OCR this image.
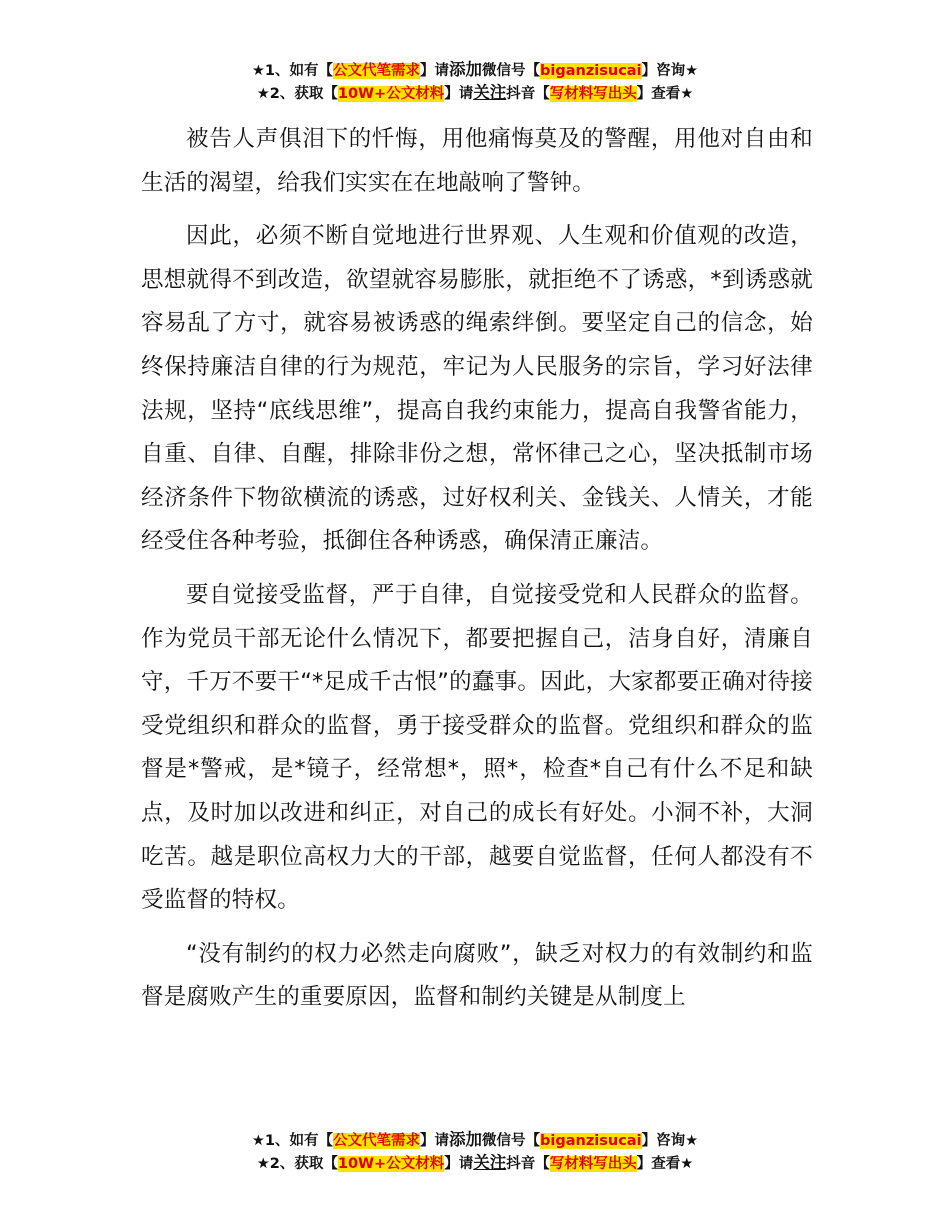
★1、如有【公文代笔需求】请添加微信号【biganzisucai】咨询★
★2、获取【10W+公文材料】请关注抖音【写材料写出头】查看★

被告人声俱泪下的忏悔，用他痛悔莫及的警醒，用他对自由和生活的渴望，给我们实实在在地敲响了警钟。

因此，必须不断自觉地进行世界观、人生观和价值观的改造，思想就得不到改造，欲望就容易膨胀，就拒绝不了诱惑，*到诱惑就容易乱了方寸，就容易被诱惑的绳索绊倒。要坚定自己的信念，始终保持廉洁自律的行为规范，牢记为人民服务的宗旨，学习好法律法规，坚持“底线思维”，提高自我约束能力，提高自我警省能力，自重、自律、自醒，排除非份之想，常怀律己之心，坚决抵制市场经济条件下物欲横流的诱惑，过好权利关、金钱关、人情关，才能经受住各种考验，抵御住各种诱惑，确保清正廉洁。

要自觉接受监督，严于自律，自觉接受党和人民群众的监督。作为党员干部无论什么情况下，都要把握自己，洁身自好，清廉自守，千万不要干“*足成千古恨”的蠢事。因此，大家都要正确对待接受党组织和群众的监督，勇于接受群众的监督。党组织和群众的监督是*警戒，是*镜子，经常想*，照*，检查*自己有什么不足和缺点，及时加以改进和纠正，对自己的成长有好处。小洞不补，大洞吃苦。越是职位高权力大的干部，越要自觉监督，任何人都没有不受监督的特权。

“没有制约的权力必然走向腐败”，缺乏对权力的有效制约和监督是腐败产生的重要原因，监督和制约关键是从制度上

★1、如有【公文代笔需求】请添加微信号【biganzisucai】咨询★
★2、获取【10W+公文材料】请关注抖音【写材料写出头】查看★
